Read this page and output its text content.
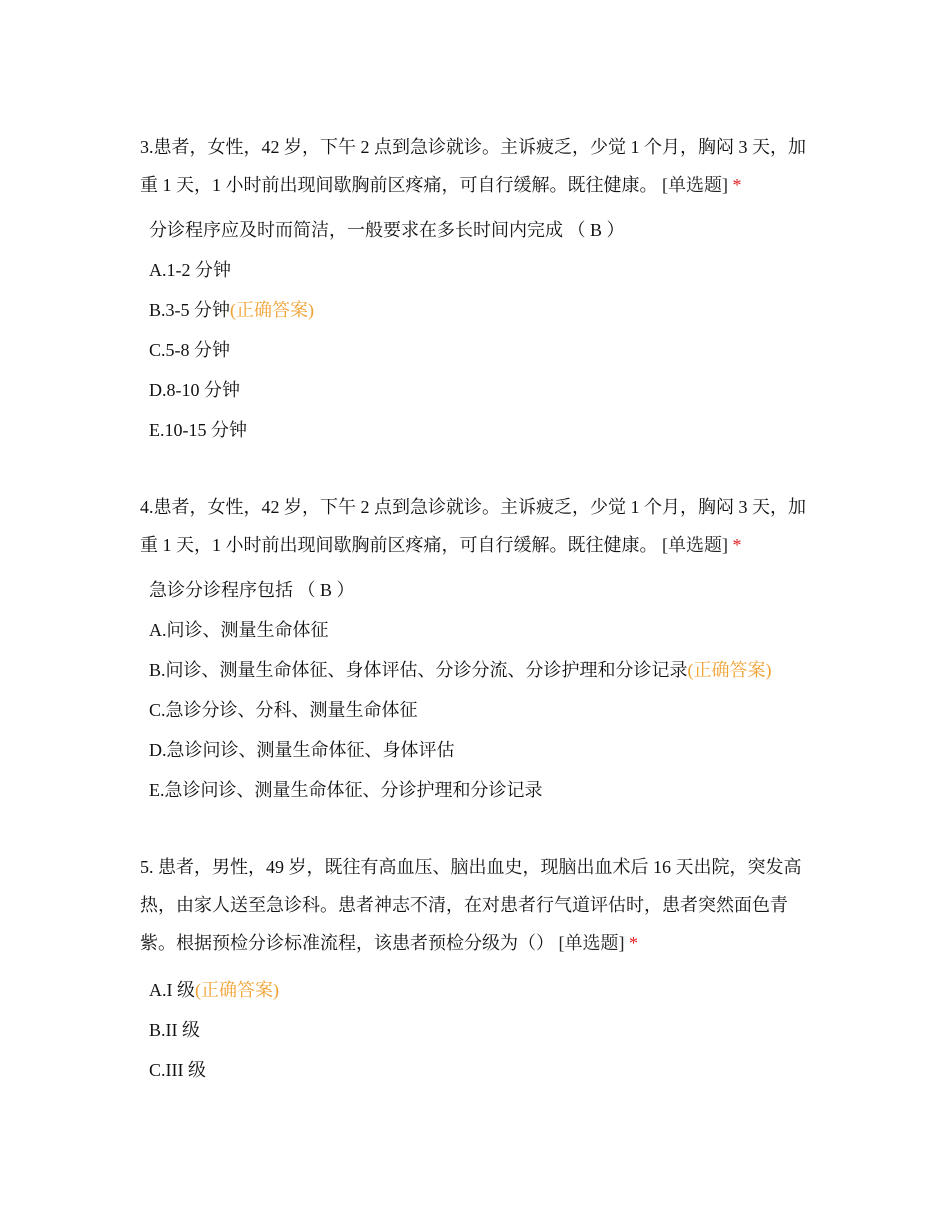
3.患者，女性，42 岁，下午 2 点到急诊就诊。主诉疲乏，少觉 1 个月，胸闷 3 天，加重 1 天，1 小时前出现间歇胸前区疼痛，可自行缓解。既往健康。 [单选题] *

分诊程序应及时而简洁，一般要求在多长时间内完成 （ B ）
A.1-2 分钟
B.3-5 分钟(正确答案)
C.5-8 分钟
D.8-10 分钟
E.10-15 分钟

4.患者，女性，42 岁，下午 2 点到急诊就诊。主诉疲乏，少觉 1 个月，胸闷 3 天，加重 1 天，1 小时前出现间歇胸前区疼痛，可自行缓解。既往健康。 [单选题] *

急诊分诊程序包括 （ B ）
A.问诊、测量生命体征
B.问诊、测量生命体征、身体评估、分诊分流、分诊护理和分诊记录(正确答案)
C.急诊分诊、分科、测量生命体征
D.急诊问诊、测量生命体征、身体评估
E.急诊问诊、测量生命体征、分诊护理和分诊记录

5. 患者，男性，49 岁，既往有高血压、脑出血史，现脑出血术后 16 天出院，突发高热，由家人送至急诊科。患者神志不清，在对患者行气道评估时，患者突然面色青紫。根据预检分诊标准流程，该患者预检分级为（） [单选题] *

A.I 级(正确答案)
B.II 级
C.III 级
